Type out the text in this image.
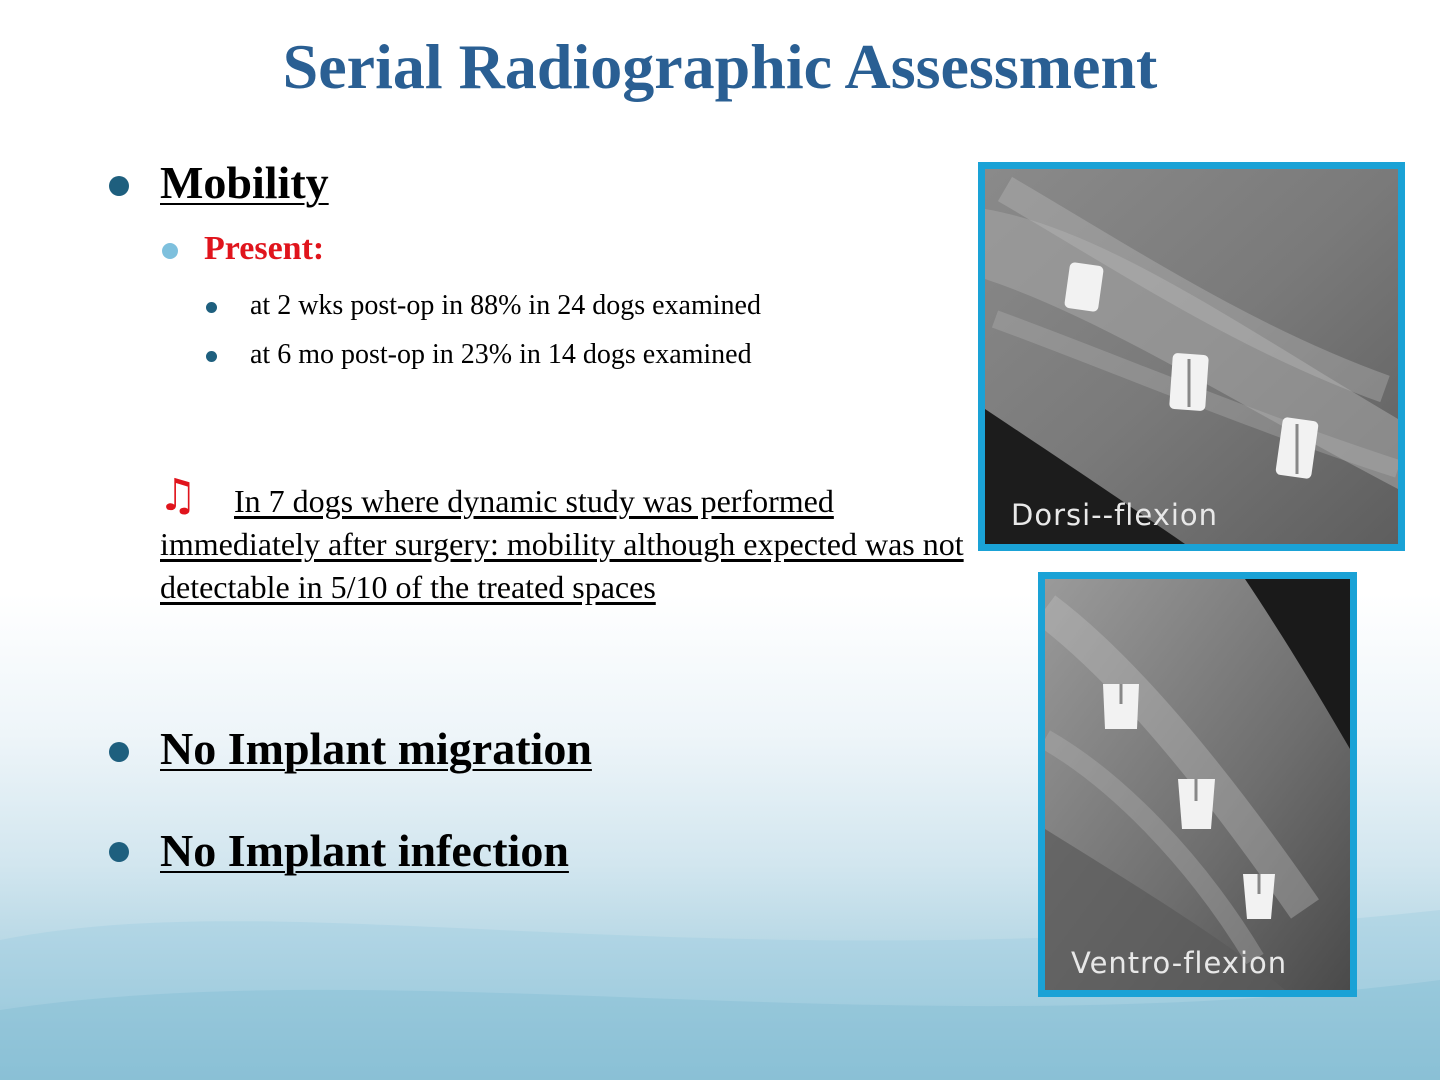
Serial Radiographic Assessment
Mobility
Present:
at 2 wks post-op in 88% in 24 dogs examined
at 6 mo post-op in 23% in 14 dogs examined
♫	In 7 dogs where dynamic study was performed immediately after surgery: mobility although expected was not detectable in 5/10 of the treated spaces

No Implant migration
No Implant infection
Dorsi--flexion
Ventro-flexion
